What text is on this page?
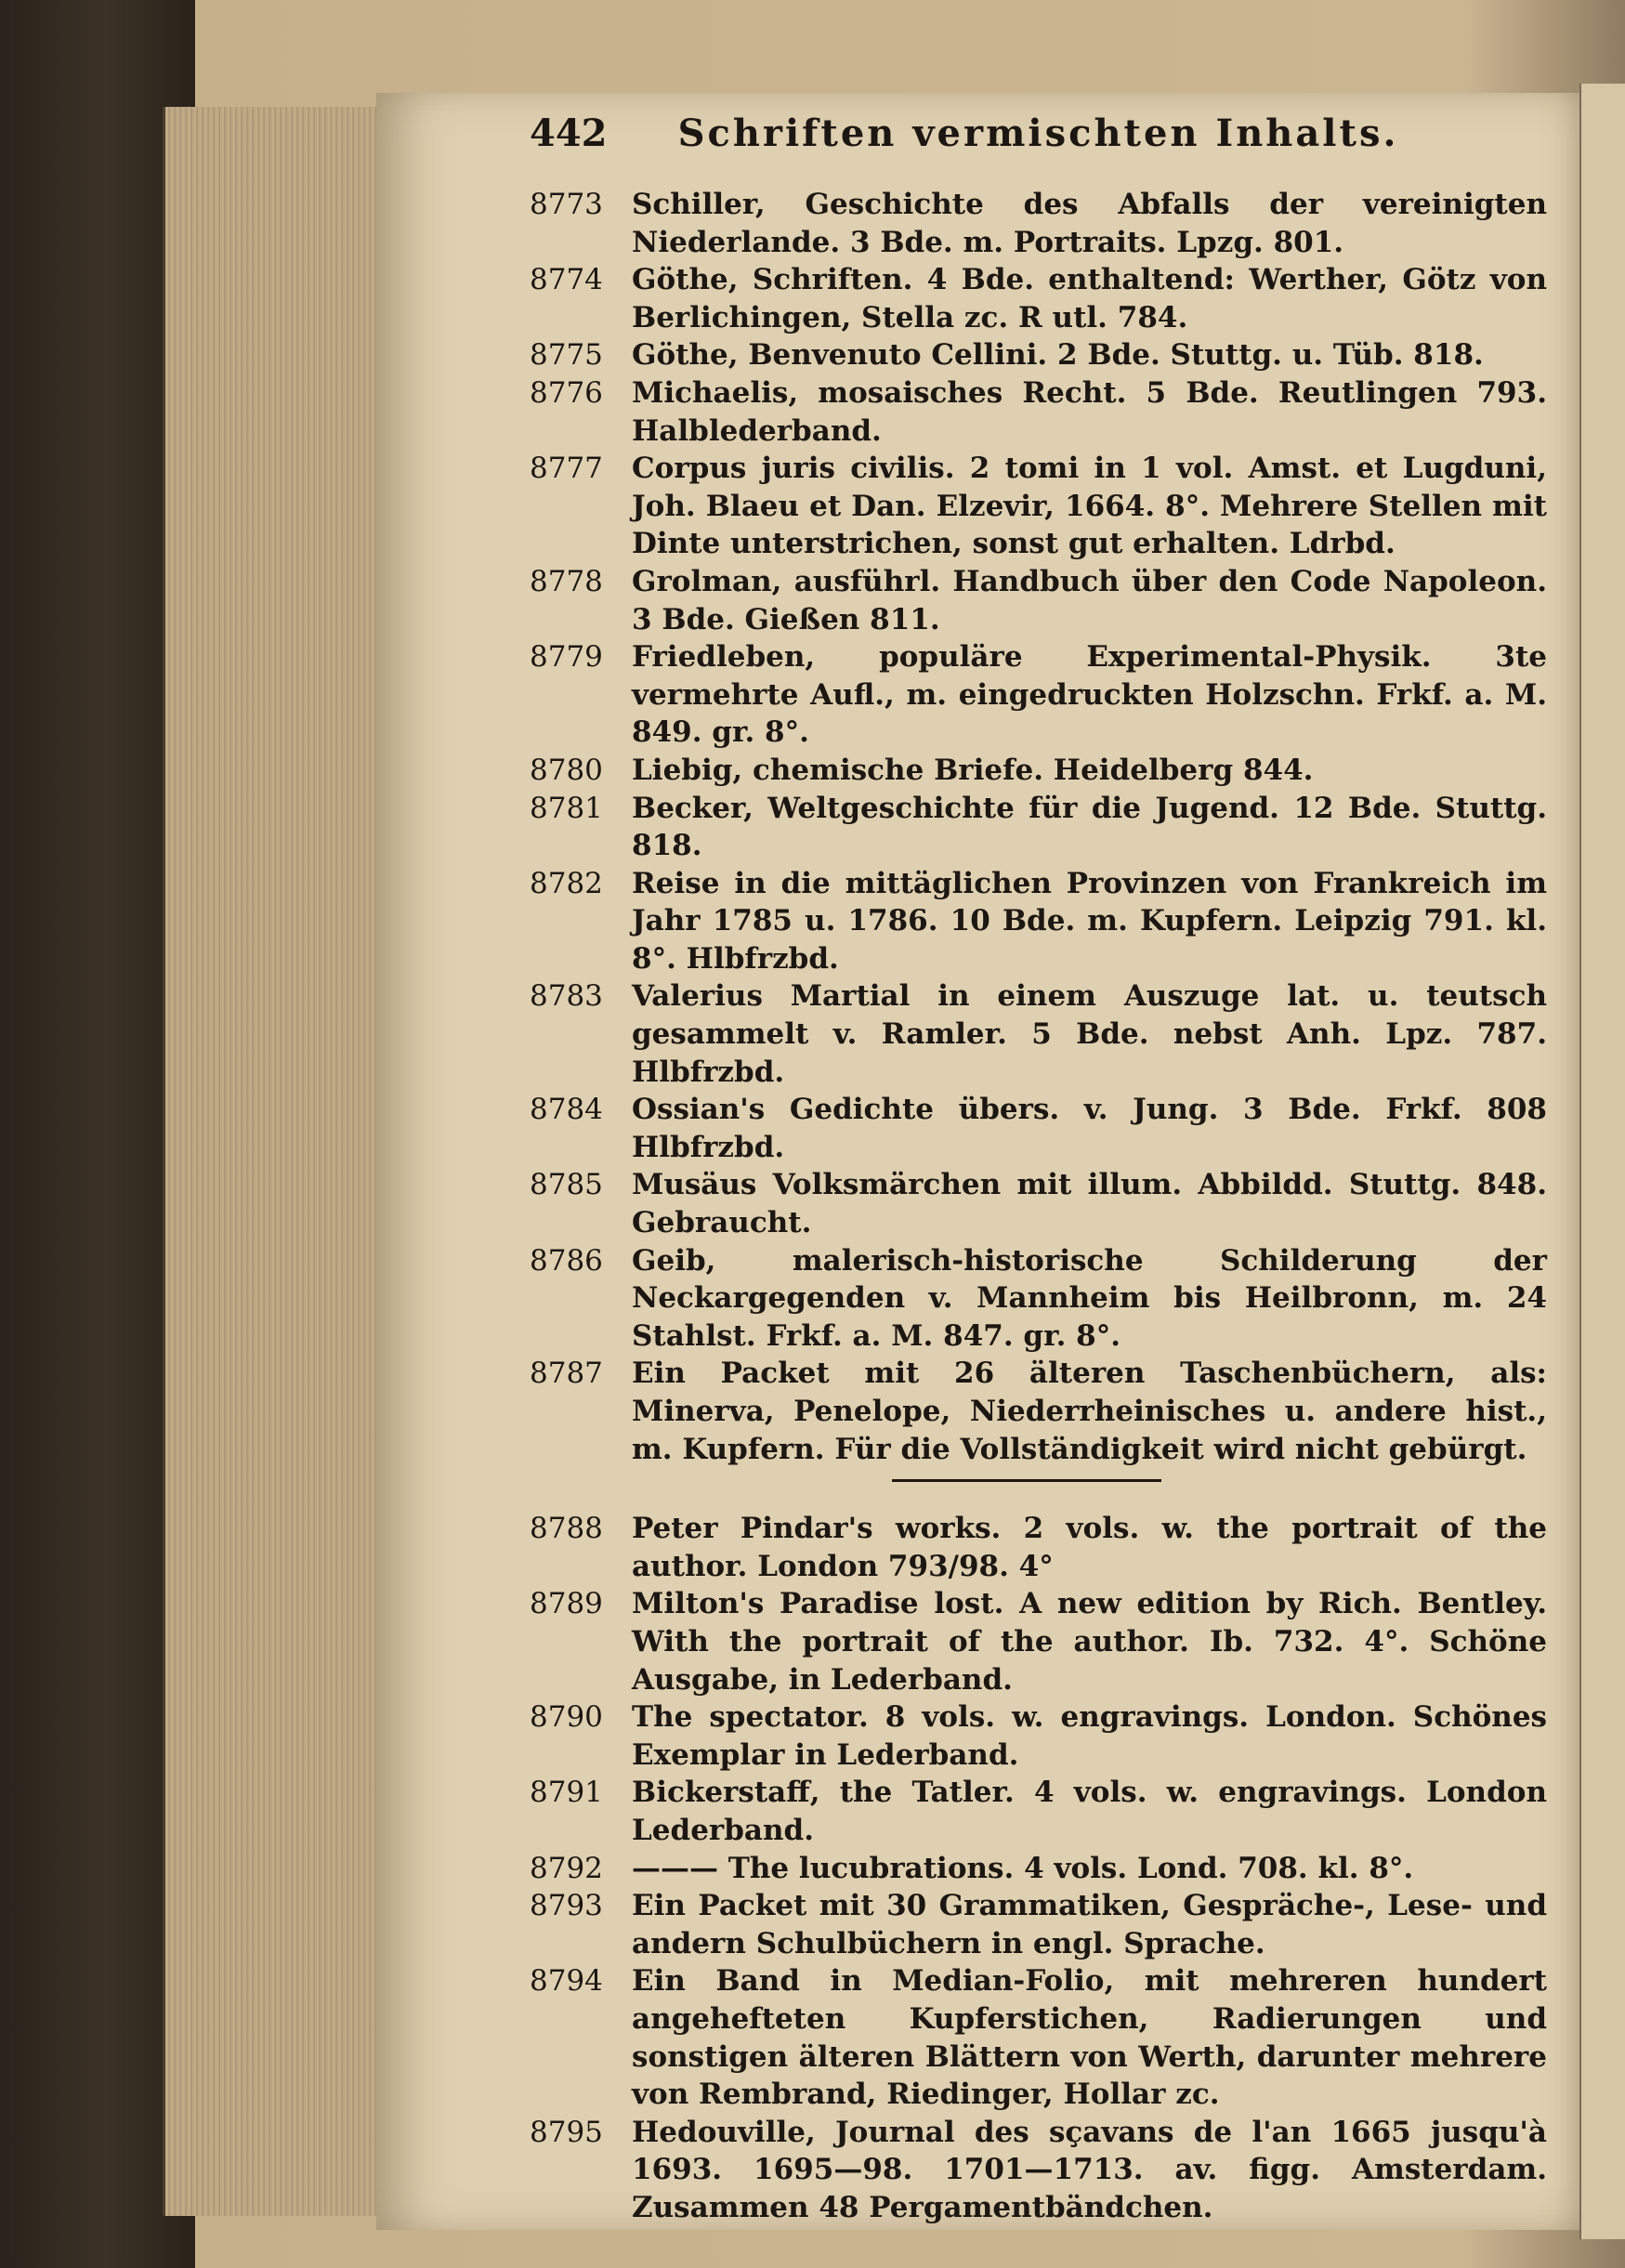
442	Schriften vermischten Inhalts.
8773 Schiller, Geschichte des Abfalls der vereinigten Niederlande. 3 Bde. m. Portraits. Lpzg. 801.
8774 Göthe, Schriften. 4 Bde. enthaltend: Werther, Götz von Berlichingen, Stella zc. R utl. 784.
8775 Göthe, Benvenuto Cellini. 2 Bde. Stuttg. u. Tüb. 818.
8776 Michaelis, mosaisches Recht. 5 Bde. Reutlingen 793. Halblederband.
8777 Corpus juris civilis. 2 tomi in 1 vol. Amst. et Lugduni, Joh. Blaeu et Dan. Elzevir, 1664. 8°. Mehrere Stellen mit Dinte unterstrichen, sonst gut erhalten. Ldrbd.
8778 Grolman, ausführl. Handbuch über den Code Napoleon. 3 Bde. Gießen 811.
8779 Friedleben, populäre Experimental-Physik. 3te vermehrte Aufl., m. eingedruckten Holzschn. Frkf. a. M. 849. gr. 8°.
8780 Liebig, chemische Briefe. Heidelberg 844.
8781 Becker, Weltgeschichte für die Jugend. 12 Bde. Stuttg. 818.
8782 Reise in die mittäglichen Provinzen von Frankreich im Jahr 1785 u. 1786. 10 Bde. m. Kupfern. Leipzig 791. kl. 8°. Hlbfrzbd.
8783 Valerius Martial in einem Auszuge lat. u. teutsch gesammelt v. Ramler. 5 Bde. nebst Anh. Lpz. 787. Hlbfrzbd.
8784 Ossian's Gedichte übers. v. Jung. 3 Bde. Frkf. 808 Hlbfrzbd.
8785 Musäus Volksmärchen mit illum. Abbildd. Stuttg. 848. Gebraucht.
8786 Geib, malerisch-historische Schilderung der Neckargegenden v. Mannheim bis Heilbronn, m. 24 Stahlst. Frkf. a. M. 847. gr. 8°.
8787 Ein Packet mit 26 älteren Taschenbüchern, als: Minerva, Penelope, Niederrheinisches u. andere hist., m. Kupfern. Für die Vollständigkeit wird nicht gebürgt.
8788 Peter Pindar's works. 2 vols. w. the portrait of the author. London 793/98. 4°
8789 Milton's Paradise lost. A new edition by Rich. Bentley. With the portrait of the author. Ib. 732. 4°. Schöne Ausgabe, in Lederband.
8790 The spectator. 8 vols. w. engravings. London. Schönes Exemplar in Lederband.
8791 Bickerstaff, the Tatler. 4 vols. w. engravings. London Lederband.
8792 ——— The lucubrations. 4 vols. Lond. 708. kl. 8°.
8793 Ein Packet mit 30 Grammatiken, Gespräche-, Lese- und andern Schulbüchern in engl. Sprache.
8794 Ein Band in Median-Folio, mit mehreren hundert angehefteten Kupferstichen, Radierungen und sonstigen älteren Blättern von Werth, darunter mehrere von Rembrand, Riedinger, Hollar zc.
8795 Hedouville, Journal des sçavans de l'an 1665 jusqu'à 1693. 1695—98. 1701—1713. av. figg. Amsterdam. Zusammen 48 Pergamentbändchen.
